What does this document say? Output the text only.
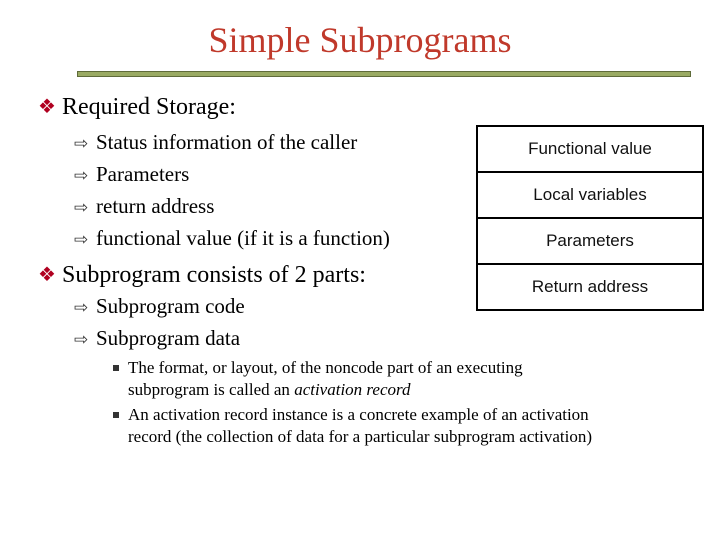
Simple Subprograms
❖ Required Storage:
⇨ Status information of the caller
⇨ Parameters
⇨ return address
⇨ functional value (if it is a function)
❖ Subprogram consists of 2 parts:
⇨ Subprogram code
⇨ Subprogram data
The format, or layout, of the noncode part of an executing subprogram is called an activation record
An activation record instance is a concrete example of an activation record (the collection of data for a particular subprogram activation)
Functional value
Local variables
Parameters
Return address
